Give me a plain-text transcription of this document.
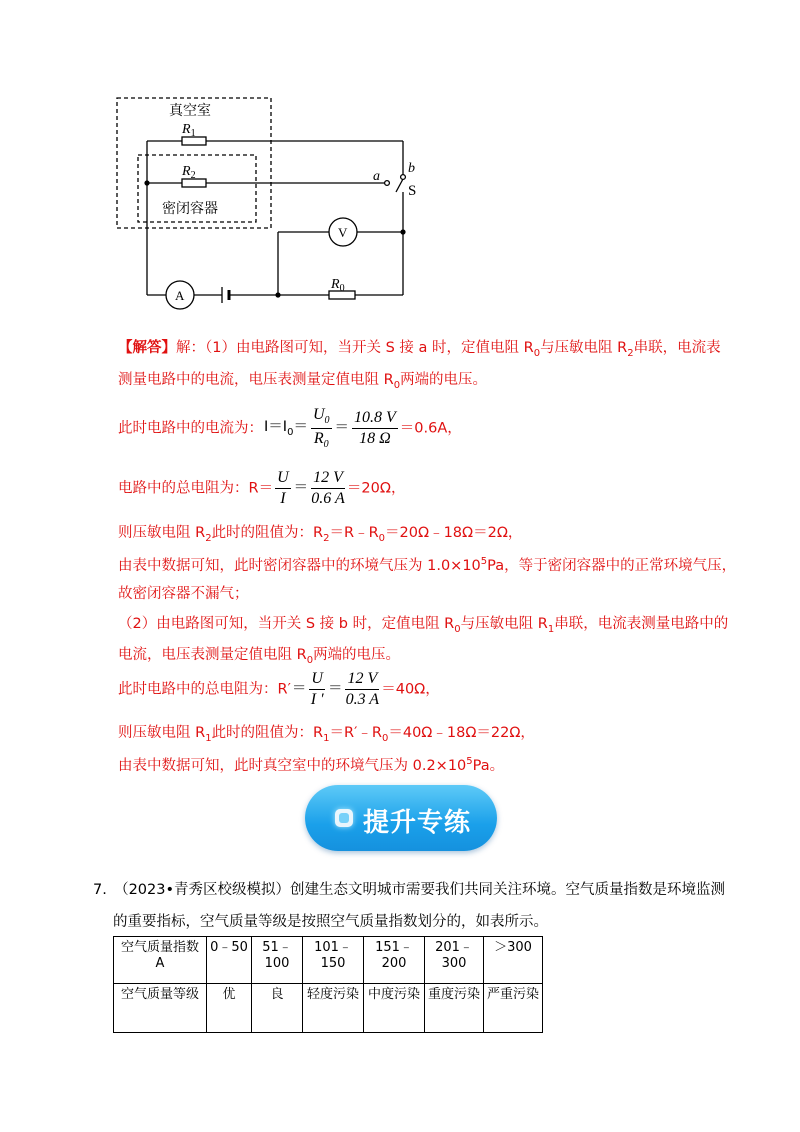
真空室
密闭容器
$R_1$
$R_2$
$R_0$
a
b
S
A
V
【解答】解：（1）由电路图可知，当开关 S 接 a 时，定值电阻 $R_0$与压敏电阻 $R_2$串联，电流表
测量电路中的电流，电压表测量定值电阻 $R_0$两端的电压。
此时电路中的电流为：$I=I_0= \frac{U_0}{R_0} = \frac{10.8 V}{18 \Omega} =0.6A$，
电路中的总电阻为：$R= \frac{U}{I} = \frac{12 V}{0.6 A} =20\Omega$，
则压敏电阻 $R_2$此时的阻值为：$R_2=R﹣R_0=20\Omega﹣18\Omega=2\Omega$，
由表中数据可知，此时密闭容器中的环境气压为 $1.0\times 10^5Pa$，等于密闭容器中的正常环境气压，
故密闭容器不漏气；
（2）由电路图可知，当开关 S 接 b 时，定值电阻 $R_0$与压敏电阻 $R_1$串联，电流表测量电路中的
电流，电压表测量定值电阻 $R_0$两端的电压。
此时电路中的总电阻为：$R'= \frac{U}{I '} = \frac{12 V}{0.3 A} =40\Omega$，
则压敏电阻 $R_1$此时的阻值为：$R_1=R'﹣R_0=40\Omega﹣18\Omega=22\Omega$，
由表中数据可知，此时真空室中的环境气压为 $0.2\times 10^5Pa$。
提升专练
7.　（2023•青秀区校级模拟）创建生态文明城市需要我们共同关注环境。空气质量指数是环境监测
的重要指标，空气质量等级是按照空气质量指数划分的，如表所示。
空气质量指数 A	0﹣50	51﹣100	101﹣150	151﹣200	201﹣300	＞300
空气质量等级	优	良	轻度污染	中度污染	重度污染	严重污染
